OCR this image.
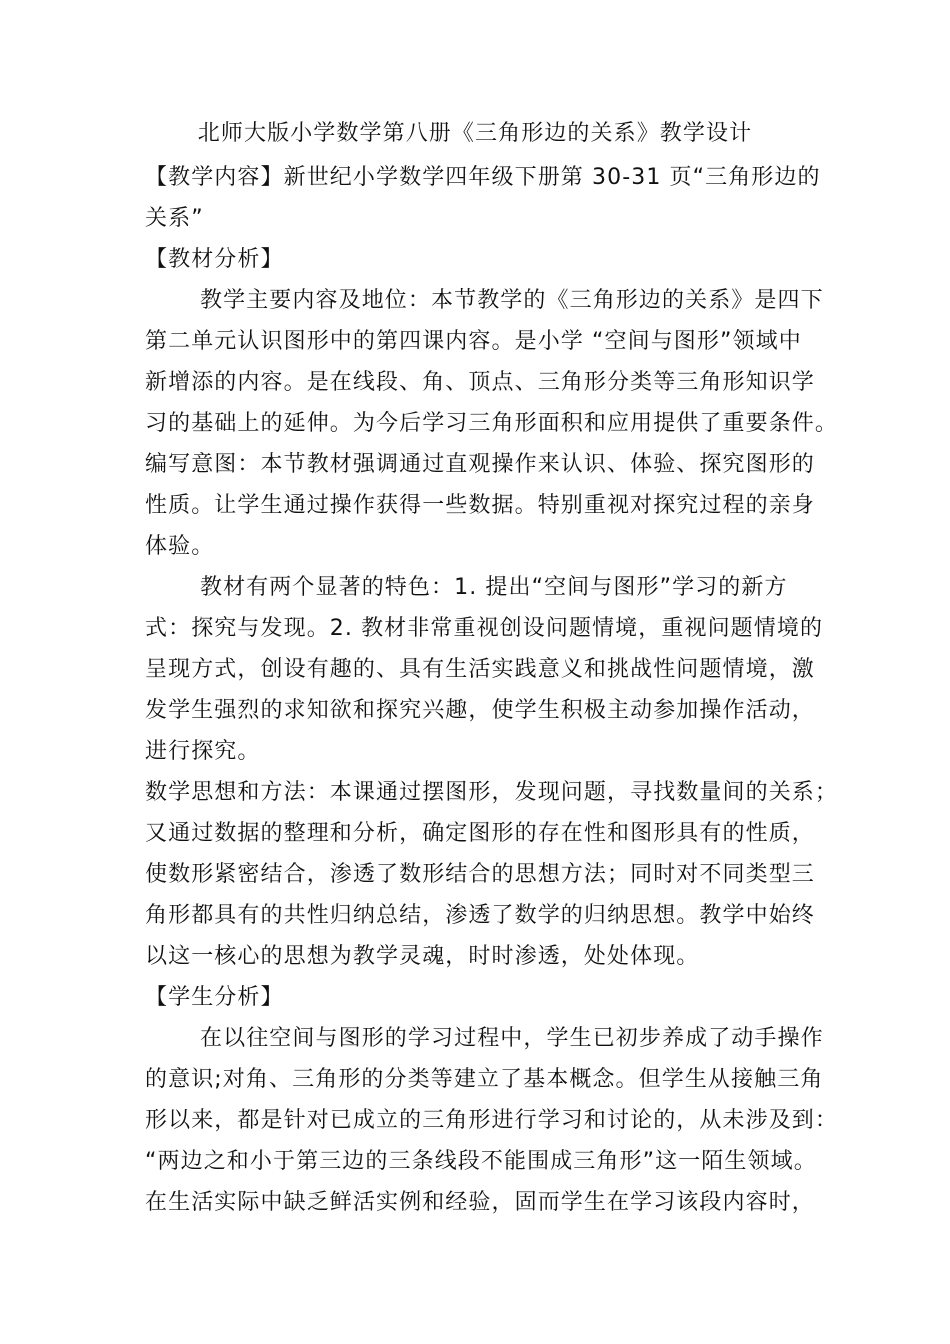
北师大版小学数学第八册《三角形边的关系》教学设计
【教学内容】新世纪小学数学四年级下册第 30-31 页“三角形边的
关系”
【教材分析】
教学主要内容及地位：本节教学的《三角形边的关系》是四下
第二单元认识图形中的第四课内容。是小学 “空间与图形”领域中
新增添的内容。是在线段、角、顶点、三角形分类等三角形知识学
习的基础上的延伸。为今后学习三角形面积和应用提供了重要条件。
编写意图：本节教材强调通过直观操作来认识、体验、探究图形的
性质。让学生通过操作获得一些数据。特别重视对探究过程的亲身
体验。
教材有两个显著的特色：1. 提出“空间与图形”学习的新方
式：探究与发现。2. 教材非常重视创设问题情境，重视问题情境的
呈现方式，创设有趣的、具有生活实践意义和挑战性问题情境，激
发学生强烈的求知欲和探究兴趣，使学生积极主动参加操作活动，
进行探究。
数学思想和方法：本课通过摆图形，发现问题，寻找数量间的关系；
又通过数据的整理和分析，确定图形的存在性和图形具有的性质，
使数形紧密结合，渗透了数形结合的思想方法；同时对不同类型三
角形都具有的共性归纳总结，渗透了数学的归纳思想。教学中始终
以这一核心的思想为教学灵魂，时时渗透，处处体现。
【学生分析】
在以往空间与图形的学习过程中，学生已初步养成了动手操作
的意识;对角、三角形的分类等建立了基本概念。但学生从接触三角
形以来，都是针对已成立的三角形进行学习和讨论的，从未涉及到：
“两边之和小于第三边的三条线段不能围成三角形”这一陌生领域。
在生活实际中缺乏鲜活实例和经验，固而学生在学习该段内容时，
